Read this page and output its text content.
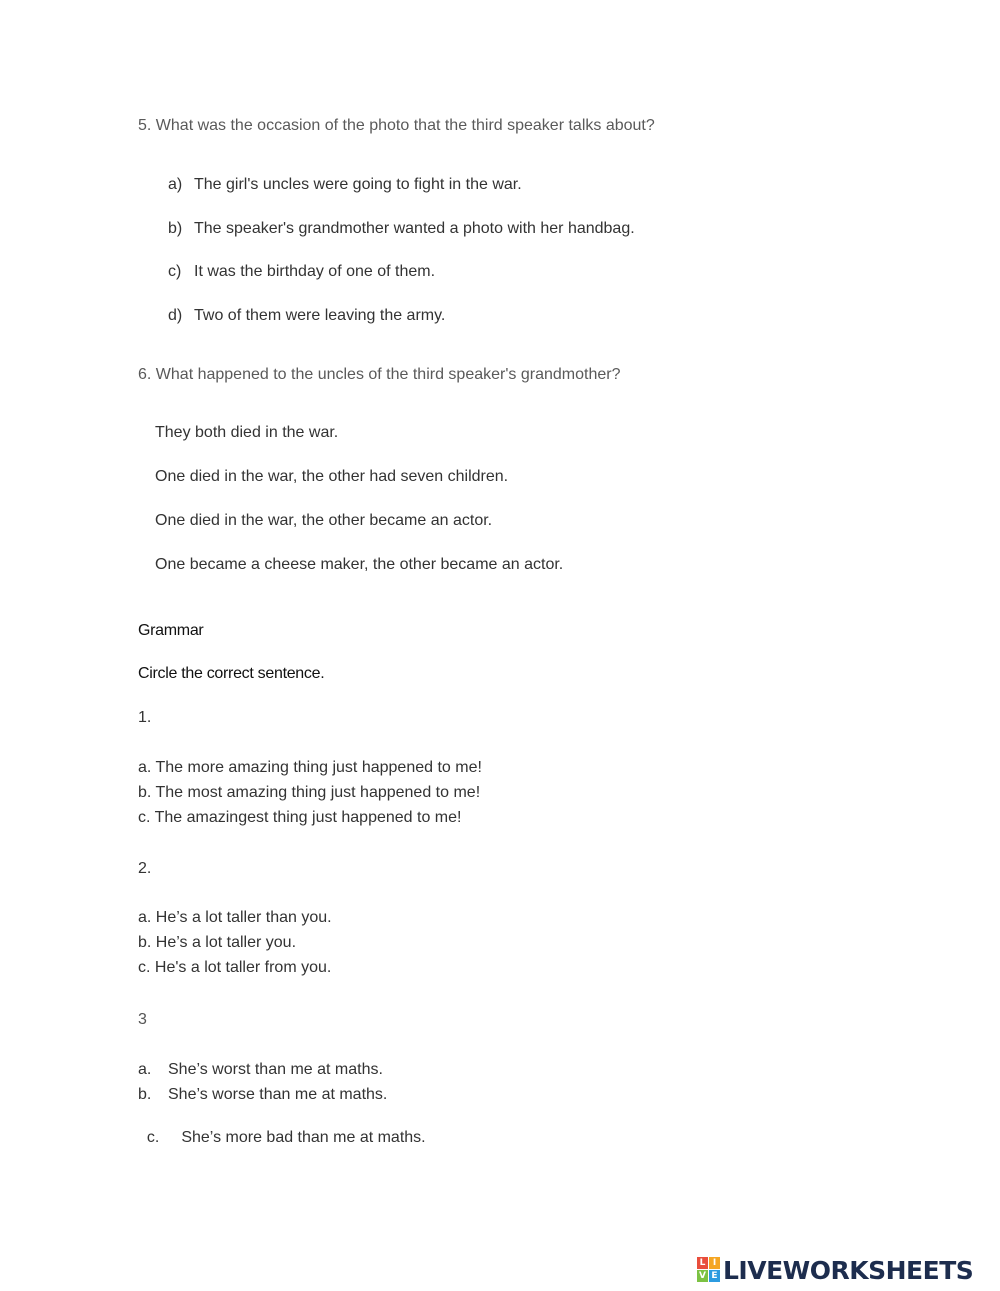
5. What was the occasion of the photo that the third speaker talks about?
a) The girl's uncles were going to fight in the war.
b) The speaker's grandmother wanted a photo with her handbag.
c) It was the birthday of one of them.
d) Two of them were leaving the army.
6. What happened to the uncles of the third speaker's grandmother?
They both died in the war.
One died in the war, the other had seven children.
One died in the war, the other became an actor.
One became a cheese maker, the other became an actor.
Grammar
Circle the correct sentence.
1.
a. The more amazing thing just happened to me!
b. The most amazing thing just happened to me!
c. The amazingest thing just happened to me!
2.
a. He’s a lot taller than you.
b. He’s a lot taller you.
c. He's a lot taller from you.
3
a. She’s worst than me at maths.
b. She’s worse than me at maths.

c. She’s more bad than me at maths.

L I
V E LIVEWORKSHEETS
